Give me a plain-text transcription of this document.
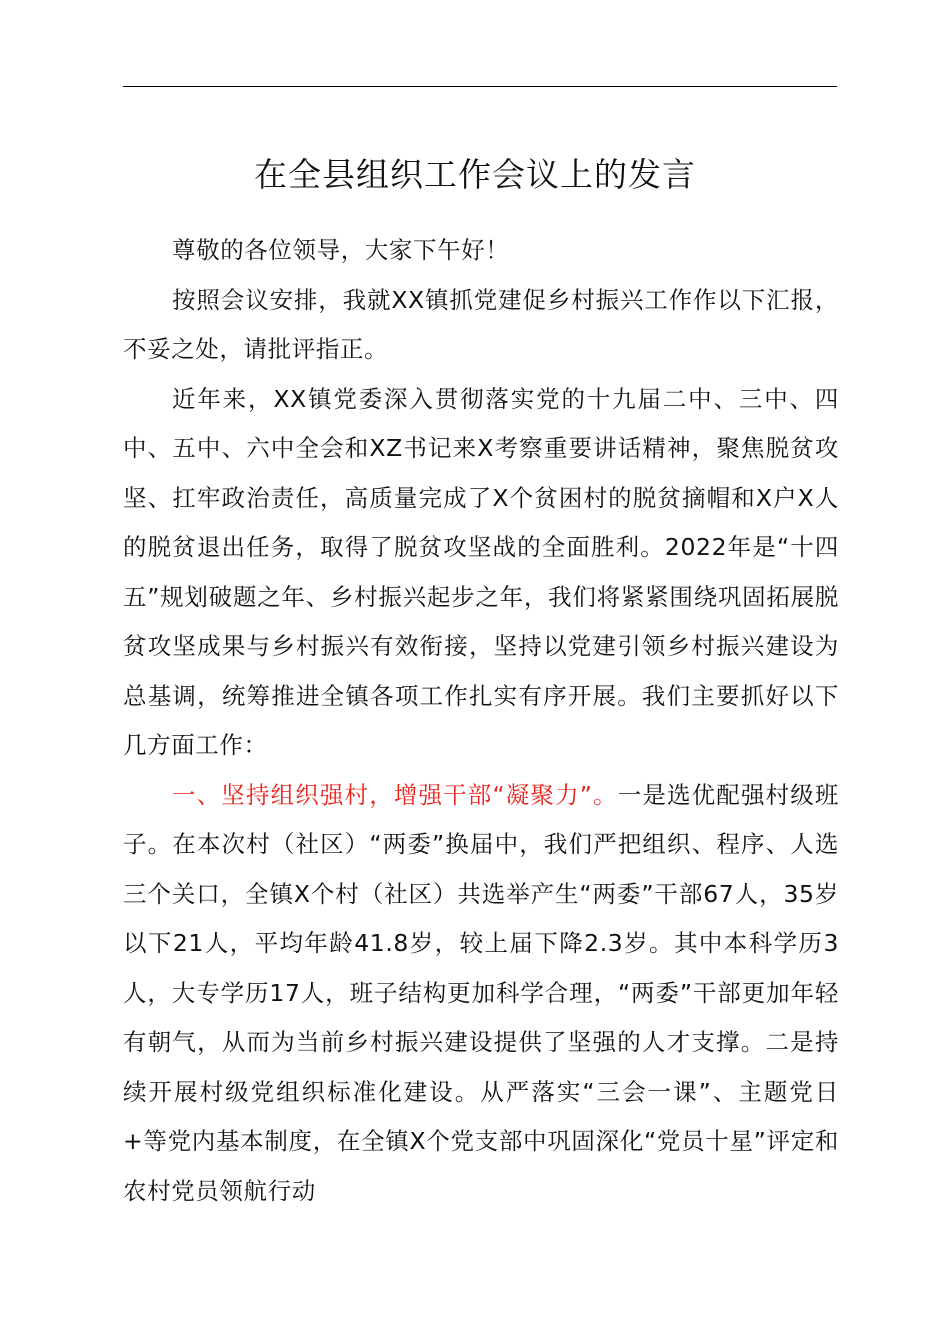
在全县组织工作会议上的发言

尊敬的各位领导，大家下午好！

按照会议安排，我就XX镇抓党建促乡村振兴工作作以下汇报，不妥之处，请批评指正。

近年来，XX镇党委深入贯彻落实党的十九届二中、三中、四中、五中、六中全会和XZ书记来X考察重要讲话精神，聚焦脱贫攻坚、扛牢政治责任，高质量完成了X个贫困村的脱贫摘帽和X户X人的脱贫退出任务，取得了脱贫攻坚战的全面胜利。2022年是“十四五”规划破题之年、乡村振兴起步之年，我们将紧紧围绕巩固拓展脱贫攻坚成果与乡村振兴有效衔接，坚持以党建引领乡村振兴建设为总基调，统筹推进全镇各项工作扎实有序开展。我们主要抓好以下几方面工作：

一、坚持组织强村，增强干部“凝聚力”。一是选优配强村级班子。在本次村（社区）“两委”换届中，我们严把组织、程序、人选三个关口，全镇X个村（社区）共选举产生“两委”干部67人，35岁以下21人，平均年龄41.8岁，较上届下降2.3岁。其中本科学历3人，大专学历17人，班子结构更加科学合理，“两委”干部更加年轻有朝气，从而为当前乡村振兴建设提供了坚强的人才支撑。二是持续开展村级党组织标准化建设。从严落实“三会一课”、主题党日+等党内基本制度，在全镇X个党支部中巩固深化“党员十星”评定和农村党员领航行动
